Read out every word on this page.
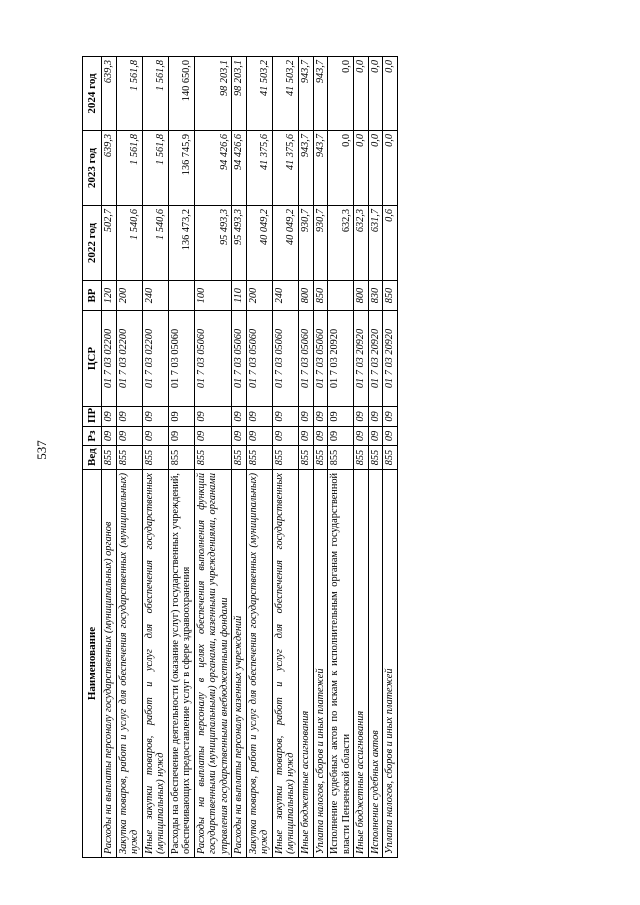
537
Наименование	Вед	Рз	ПР	ЦСР	ВР	2022 год	2023 год	2024 год
Расходы на выплаты персоналу государственных (муниципальных) органов	855	09	09	01 7 03 02200	120	502,7	639,3	639,3
Закупка товаров, работ и услуг для обеспечения государственных (муниципальных) нужд	855	09	09	01 7 03 02200	200	1 540,6	1 561,8	1 561,8
Иные закупки товаров, работ и услуг для обеспечения государственных (муниципальных) нужд	855	09	09	01 7 03 02200	240	1 540,6	1 561,8	1 561,8
Расходы на обеспечение деятельности (оказание услуг) государственных учреждений, обеспечивающих предоставление услуг в сфере здравоохранения	855	09	09	01 7 03 05060		136 473,2	136 745,9	140 650,0
Расходы на выплаты персоналу в целях обеспечения выполнения функций государственными (муниципальными) органами, казенными учреждениями, органами управления государственными внебюджетными фондами	855	09	09	01 7 03 05060	100	95 493,3	94 426,6	98 203,1
Расходы на выплаты персоналу казенных учреждений	855	09	09	01 7 03 05060	110	95 493,3	94 426,6	98 203,1
Закупка товаров, работ и услуг для обеспечения государственных (муниципальных) нужд	855	09	09	01 7 03 05060	200	40 049,2	41 375,6	41 503,2
Иные закупки товаров, работ и услуг для обеспечения государственных (муниципальных) нужд	855	09	09	01 7 03 05060	240	40 049,2	41 375,6	41 503,2
Иные бюджетные ассигнования	855	09	09	01 7 03 05060	800	930,7	943,7	943,7
Уплата налогов, сборов и иных платежей	855	09	09	01 7 03 05060	850	930,7	943,7	943,7
Исполнение судебных актов по искам к исполнительным органам государственной власти Пензенской области	855	09	09	01 7 03 20920		632,3	0,0	0,0
Иные бюджетные ассигнования	855	09	09	01 7 03 20920	800	632,3	0,0	0,0
Исполнение судебных актов	855	09	09	01 7 03 20920	830	631,7	0,0	0,0
Уплата налогов, сборов и иных платежей	855	09	09	01 7 03 20920	850	0,6	0,0	0,0
